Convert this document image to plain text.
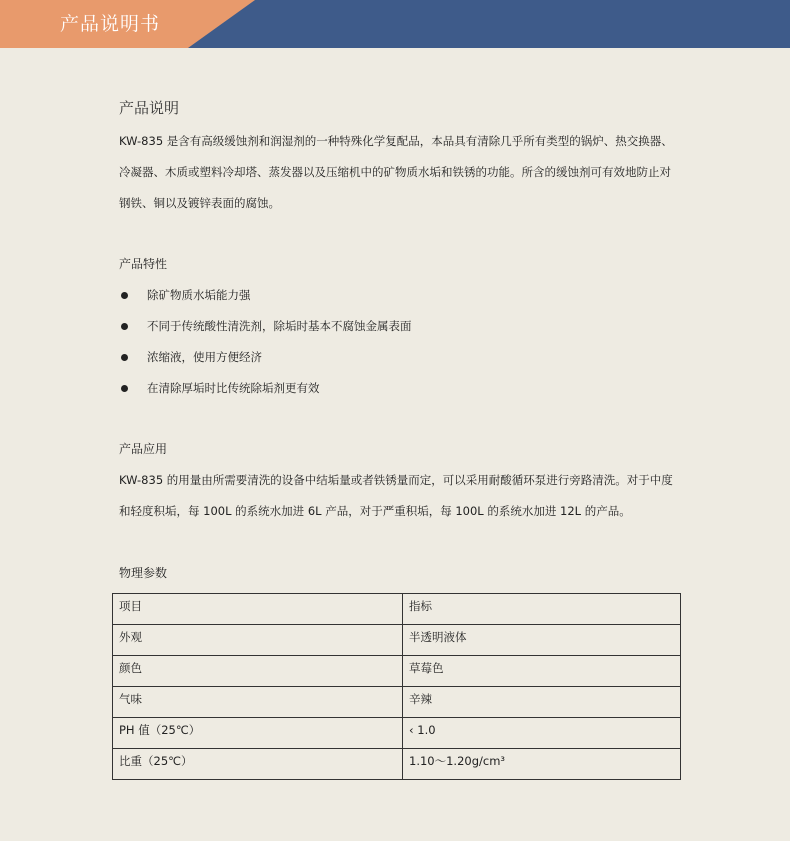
产品说明书
产品说明

KW-835 是含有高级缓蚀剂和润湿剂的一种特殊化学复配品，本品具有清除几乎所有类型的锅炉、热交换器、冷凝器、木质或塑料冷却塔、蒸发器以及压缩机中的矿物质水垢和铁锈的功能。所含的缓蚀剂可有效地防止对钢铁、铜以及镀锌表面的腐蚀。

产品特性
除矿物质水垢能力强
不同于传统酸性清洗剂，除垢时基本不腐蚀金属表面
浓缩液，使用方便经济
在清除厚垢时比传统除垢剂更有效
产品应用

KW-835 的用量由所需要清洗的设备中结垢量或者铁锈量而定，可以采用耐酸循环泵进行旁路清洗。对于中度和轻度积垢，每 100L 的系统水加进 6L 产品，对于严重积垢，每 100L 的系统水加进 12L 的产品。

物理参数
项目	指标
外观	半透明液体
颜色	草莓色
气味	辛辣
PH 值（25℃）	‹ 1.0
比重（25℃）	1.10～1.20g/cm³
